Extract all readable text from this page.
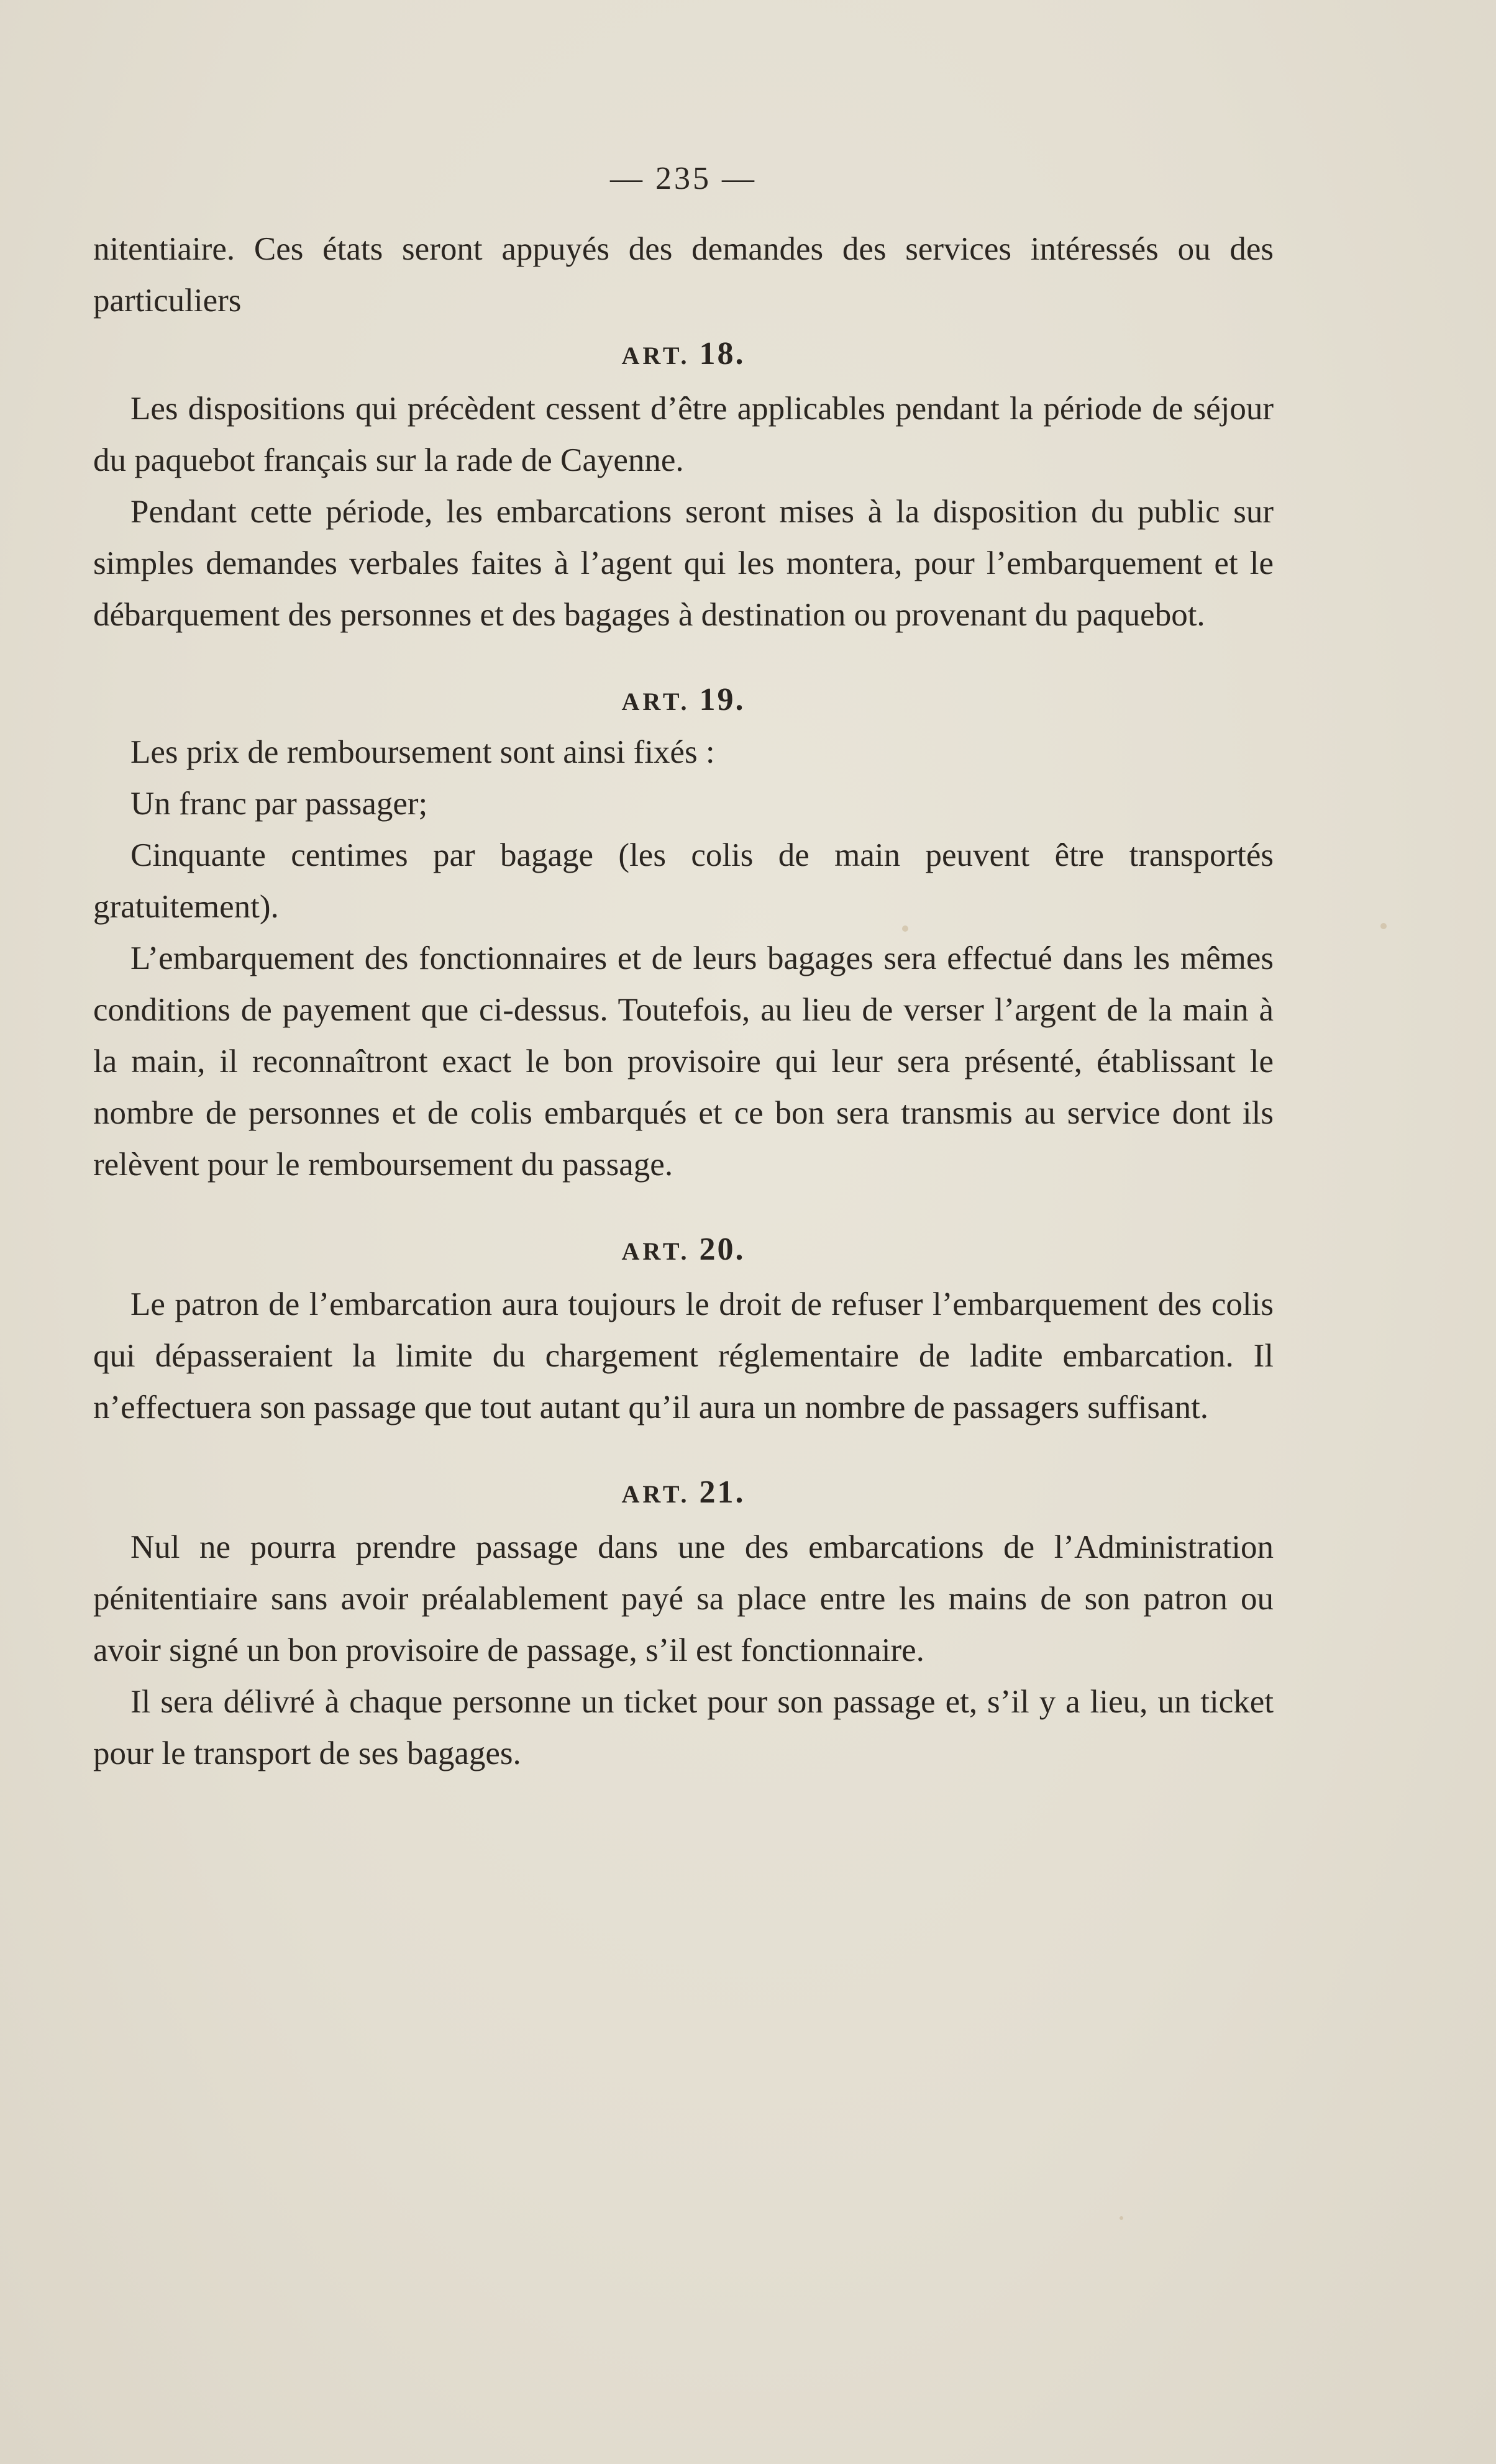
— 235 —

nitentiaire. Ces états seront appuyés des demandes des services intéressés ou des particuliers

ART. 18.

Les dispositions qui précèdent cessent d’être applicables pendant la période de séjour du paquebot français sur la rade de Cayenne.

Pendant cette période, les embarcations seront mises à la disposition du public sur simples demandes verbales faites à l’agent qui les montera, pour l’embarquement et le débarquement des personnes et des bagages à destination ou provenant du paquebot.

ART. 19.

Les prix de remboursement sont ainsi fixés :

Un franc par passager;

Cinquante centimes par bagage (les colis de main peuvent être transportés gratuitement).

L’embarquement des fonctionnaires et de leurs bagages sera effectué dans les mêmes conditions de payement que ci-dessus. Toutefois, au lieu de verser l’argent de la main à la main, il reconnaîtront exact le bon provisoire qui leur sera présenté, établissant le nombre de personnes et de colis embarqués et ce bon sera transmis au service dont ils relèvent pour le remboursement du passage.

ART. 20.

Le patron de l’embarcation aura toujours le droit de refuser l’embarquement des colis qui dépasseraient la limite du chargement réglementaire de ladite embarcation. Il n’effectuera son passage que tout autant qu’il aura un nombre de passagers suffisant.

ART. 21.

Nul ne pourra prendre passage dans une des embarcations de l’Administration pénitentiaire sans avoir préalablement payé sa place entre les mains de son patron ou avoir signé un bon provisoire de passage, s’il est fonctionnaire.

Il sera délivré à chaque personne un ticket pour son passage et, s’il y a lieu, un ticket pour le transport de ses bagages.
